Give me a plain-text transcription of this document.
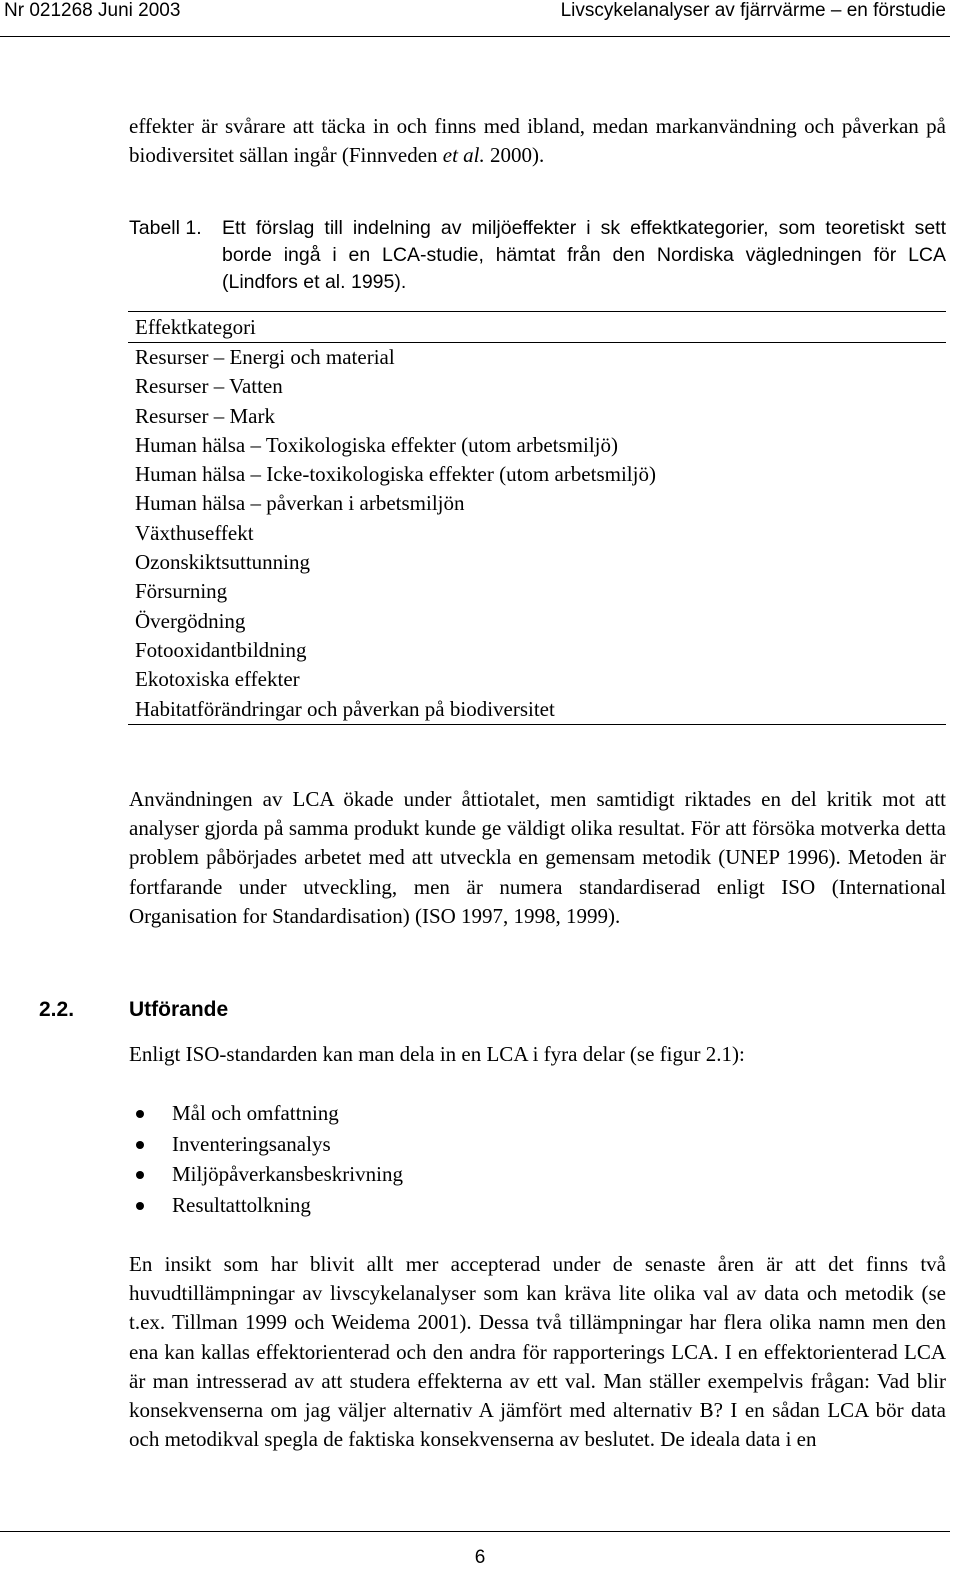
Nr 021268 Juni 2003	Livscykelanalyser av fjärrvärme – en förstudie

effekter är svårare att täcka in och finns med ibland, medan markanvändning och påverkan på biodiversitet sällan ingår (Finnveden et al. 2000).

Tabell 1. Ett förslag till indelning av miljöeffekter i sk effektkategorier, som teoretiskt sett borde ingå i en LCA-studie, hämtat från den Nordiska vägledningen för LCA (Lindfors et al. 1995).
Effektkategori
Resurser – Energi och material
Resurser – Vatten
Resurser – Mark
Human hälsa – Toxikologiska effekter (utom arbetsmiljö)
Human hälsa – Icke-toxikologiska effekter (utom arbetsmiljö)
Human hälsa – påverkan i arbetsmiljön
Växthuseffekt
Ozonskiktsuttunning
Försurning
Övergödning
Fotooxidantbildning
Ekotoxiska effekter
Habitatförändringar och påverkan på biodiversitet

Användningen av LCA ökade under åttiotalet, men samtidigt riktades en del kritik mot att analyser gjorda på samma produkt kunde ge väldigt olika resultat. För att försöka motverka detta problem påbörjades arbetet med att utveckla en gemensam metodik (UNEP 1996). Metoden är fortfarande under utveckling, men är numera standardiserad enligt ISO (International Organisation for Standardisation) (ISO 1997, 1998, 1999).

2.2.	Utförande

Enligt ISO-standarden kan man dela in en LCA i fyra delar (se figur 2.1):

Mål och omfattning
Inventeringsanalys
Miljöpåverkansbeskrivning
Resultattolkning

En insikt som har blivit allt mer accepterad under de senaste åren är att det finns två huvudtillämpningar av livscykelanalyser som kan kräva lite olika val av data och metodik (se t.ex. Tillman 1999 och Weidema 2001). Dessa två tillämpningar har flera olika namn men den ena kan kallas effektorienterad och den andra för rapporterings LCA. I en effektorienterad LCA är man intresserad av att studera effekterna av ett val. Man ställer exempelvis frågan: Vad blir konsekvenserna om jag väljer alternativ A jämfört med alternativ B? I en sådan LCA bör data och metodikval spegla de faktiska konsekvenserna av beslutet. De ideala data i en

6
